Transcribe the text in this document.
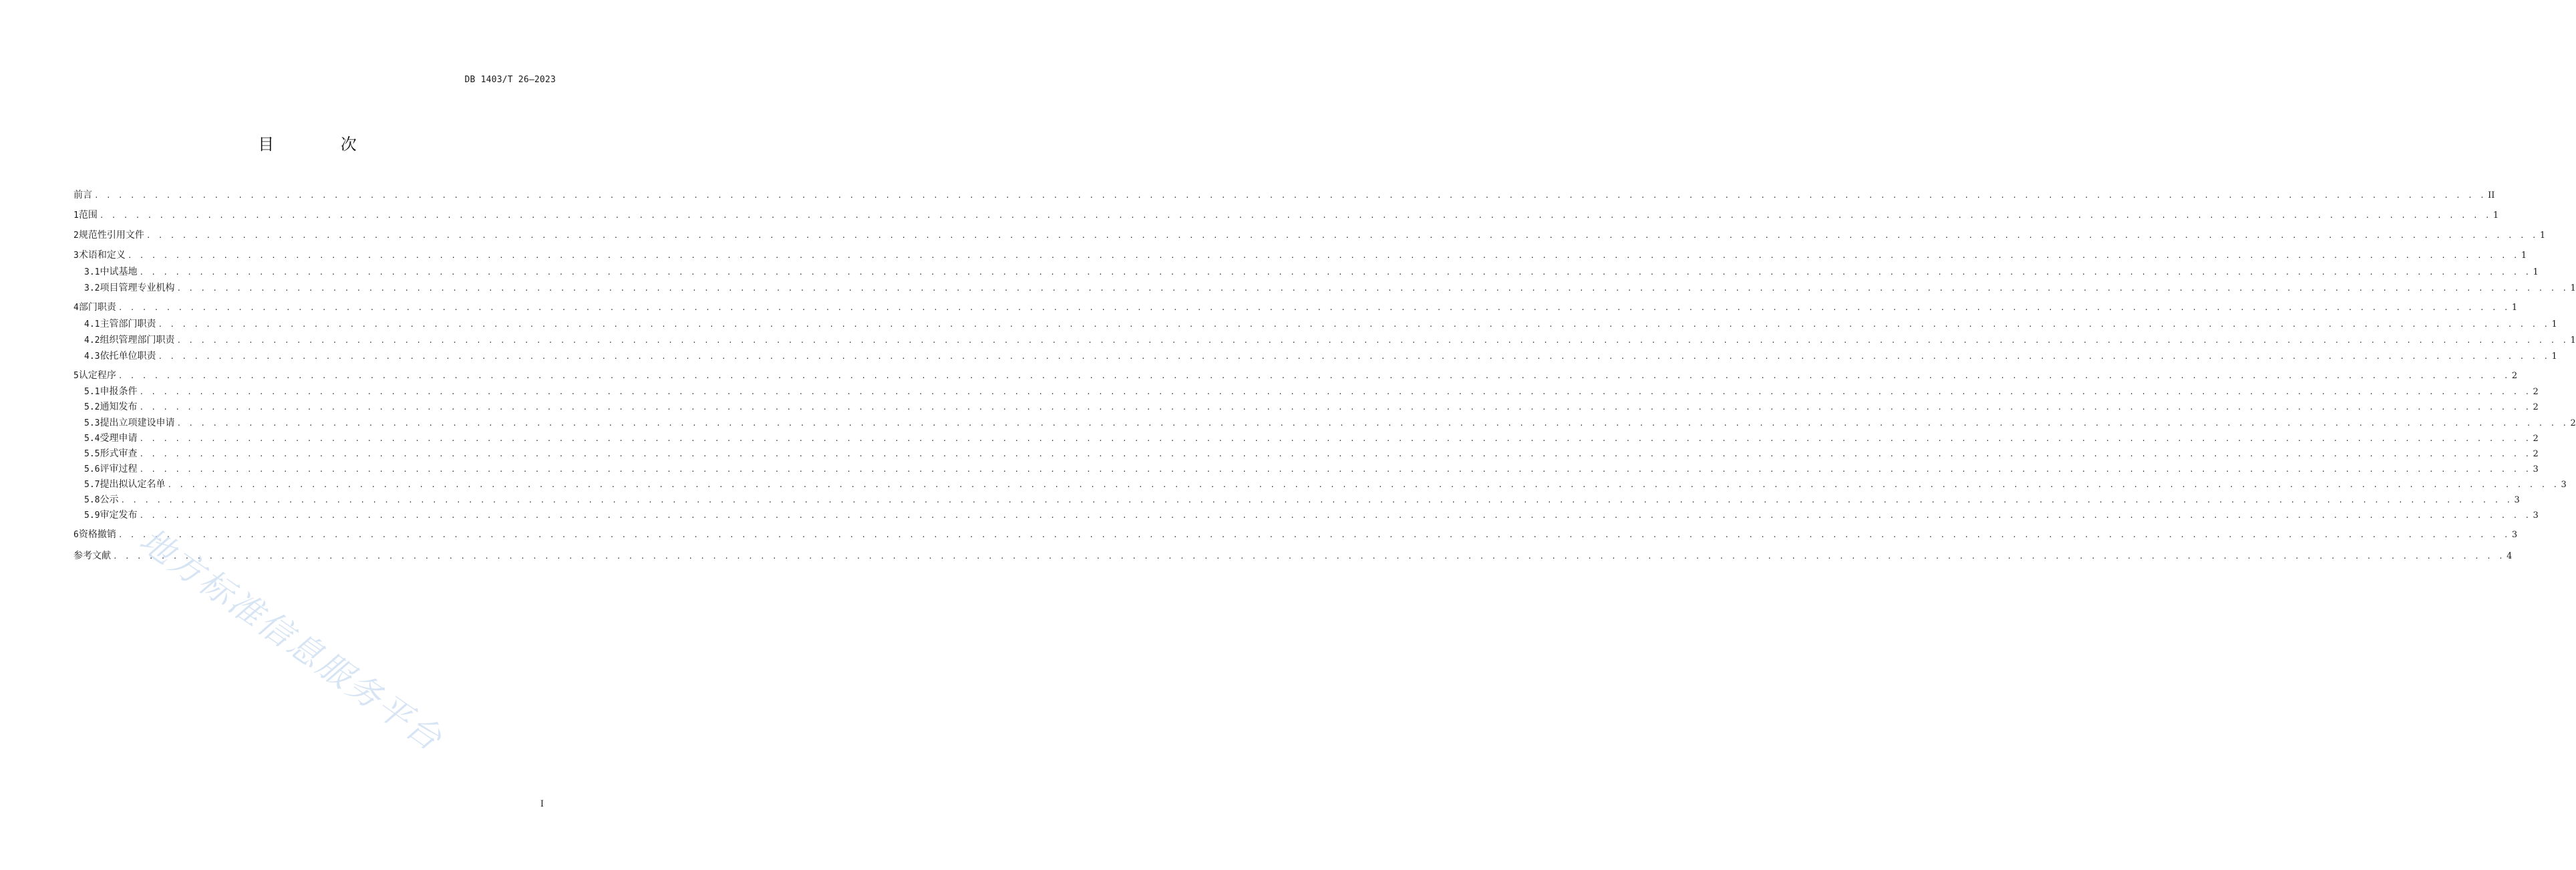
DB 1403/T 26—2023
目 次
前言 . . . . . . . . . . . . . . . . . . . . . . . . . . . . . . . . . . . . . . . . . . . . . . . . . . . . . . . . . . . . . . . . . . . . . . . . . . . . . . . . . . . . . . . . . . . . . . . . . . . . . . . . . . . . . . . . . . . . . . . . . . . . . . . . . . . . . . . . . . . . . . . . . . . . . . . . . . . . . . . . . . . . . . . . . . . . . . . . . . . . . . . . . . . . . . . . . . . . . . . . II
1 范围 . . . . . . . . . . . . . . . . . . . . . . . . . . . . . . . . . . . . . . . . . . . . . . . . . . . . . . . . . . . . . . . . . . . . . . . . . . . . . . . . . . . . . . . . . . . . . . . . . . . . . . . . . . . . . . . . . . . . . . . . . . . . . . . . . . . . . . . . . . . . . . . . . . . . . . . . . . . . . . . . . . . . . . . . . . . . . . . . . . . . . . . . . . . . . . . . . . . . . . . . 1
2 规范性引用文件 . . . . . . . . . . . . . . . . . . . . . . . . . . . . . . . . . . . . . . . . . . . . . . . . . . . . . . . . . . . . . . . . . . . . . . . . . . . . . . . . . . . . . . . . . . . . . . . . . . . . . . . . . . . . . . . . . . . . . . . . . . . . . . . . . . . . . . . . . . . . . . . . . . . . . . . . . . . . . . . . . . . . . . . . . . . . . . . . . . . . . . . . . . . . . . . . . . . . . . . . 1
3 术语和定义 . . . . . . . . . . . . . . . . . . . . . . . . . . . . . . . . . . . . . . . . . . . . . . . . . . . . . . . . . . . . . . . . . . . . . . . . . . . . . . . . . . . . . . . . . . . . . . . . . . . . . . . . . . . . . . . . . . . . . . . . . . . . . . . . . . . . . . . . . . . . . . . . . . . . . . . . . . . . . . . . . . . . . . . . . . . . . . . . . . . . . . . . . . . . . . . . . . . . . . . . 1
3.1 中试基地 . . . . . . . . . . . . . . . . . . . . . . . . . . . . . . . . . . . . . . . . . . . . . . . . . . . . . . . . . . . . . . . . . . . . . . . . . . . . . . . . . . . . . . . . . . . . . . . . . . . . . . . . . . . . . . . . . . . . . . . . . . . . . . . . . . . . . . . . . . . . . . . . . . . . . . . . . . . . . . . . . . . . . . . . . . . . . . . . . . . . . . . . . . . . . . . . . . . . . . . . 1
3.2 项目管理专业机构 . . . . . . . . . . . . . . . . . . . . . . . . . . . . . . . . . . . . . . . . . . . . . . . . . . . . . . . . . . . . . . . . . . . . . . . . . . . . . . . . . . . . . . . . . . . . . . . . . . . . . . . . . . . . . . . . . . . . . . . . . . . . . . . . . . . . . . . . . . . . . . . . . . . . . . . . . . . . . . . . . . . . . . . . . . . . . . . . . . . . . . . . . . . . . . . . . . . . . . . . 1
4 部门职责 . . . . . . . . . . . . . . . . . . . . . . . . . . . . . . . . . . . . . . . . . . . . . . . . . . . . . . . . . . . . . . . . . . . . . . . . . . . . . . . . . . . . . . . . . . . . . . . . . . . . . . . . . . . . . . . . . . . . . . . . . . . . . . . . . . . . . . . . . . . . . . . . . . . . . . . . . . . . . . . . . . . . . . . . . . . . . . . . . . . . . . . . . . . . . . . . . . . . . . . . 1
4.1 主管部门职责 . . . . . . . . . . . . . . . . . . . . . . . . . . . . . . . . . . . . . . . . . . . . . . . . . . . . . . . . . . . . . . . . . . . . . . . . . . . . . . . . . . . . . . . . . . . . . . . . . . . . . . . . . . . . . . . . . . . . . . . . . . . . . . . . . . . . . . . . . . . . . . . . . . . . . . . . . . . . . . . . . . . . . . . . . . . . . . . . . . . . . . . . . . . . . . . . . . . . . . . . 1
4.2 组织管理部门职责 . . . . . . . . . . . . . . . . . . . . . . . . . . . . . . . . . . . . . . . . . . . . . . . . . . . . . . . . . . . . . . . . . . . . . . . . . . . . . . . . . . . . . . . . . . . . . . . . . . . . . . . . . . . . . . . . . . . . . . . . . . . . . . . . . . . . . . . . . . . . . . . . . . . . . . . . . . . . . . . . . . . . . . . . . . . . . . . . . . . . . . . . . . . . . . . . . . . . . . . . 1
4.3 依托单位职责 . . . . . . . . . . . . . . . . . . . . . . . . . . . . . . . . . . . . . . . . . . . . . . . . . . . . . . . . . . . . . . . . . . . . . . . . . . . . . . . . . . . . . . . . . . . . . . . . . . . . . . . . . . . . . . . . . . . . . . . . . . . . . . . . . . . . . . . . . . . . . . . . . . . . . . . . . . . . . . . . . . . . . . . . . . . . . . . . . . . . . . . . . . . . . . . . . . . . . . . . 1
5 认定程序 . . . . . . . . . . . . . . . . . . . . . . . . . . . . . . . . . . . . . . . . . . . . . . . . . . . . . . . . . . . . . . . . . . . . . . . . . . . . . . . . . . . . . . . . . . . . . . . . . . . . . . . . . . . . . . . . . . . . . . . . . . . . . . . . . . . . . . . . . . . . . . . . . . . . . . . . . . . . . . . . . . . . . . . . . . . . . . . . . . . . . . . . . . . . . . . . . . . . . . . . 2
5.1 申报条件 . . . . . . . . . . . . . . . . . . . . . . . . . . . . . . . . . . . . . . . . . . . . . . . . . . . . . . . . . . . . . . . . . . . . . . . . . . . . . . . . . . . . . . . . . . . . . . . . . . . . . . . . . . . . . . . . . . . . . . . . . . . . . . . . . . . . . . . . . . . . . . . . . . . . . . . . . . . . . . . . . . . . . . . . . . . . . . . . . . . . . . . . . . . . . . . . . . . . . . . . 2
5.2 通知发布 . . . . . . . . . . . . . . . . . . . . . . . . . . . . . . . . . . . . . . . . . . . . . . . . . . . . . . . . . . . . . . . . . . . . . . . . . . . . . . . . . . . . . . . . . . . . . . . . . . . . . . . . . . . . . . . . . . . . . . . . . . . . . . . . . . . . . . . . . . . . . . . . . . . . . . . . . . . . . . . . . . . . . . . . . . . . . . . . . . . . . . . . . . . . . . . . . . . . . . . . 2
5.3 提出立项建设申请 . . . . . . . . . . . . . . . . . . . . . . . . . . . . . . . . . . . . . . . . . . . . . . . . . . . . . . . . . . . . . . . . . . . . . . . . . . . . . . . . . . . . . . . . . . . . . . . . . . . . . . . . . . . . . . . . . . . . . . . . . . . . . . . . . . . . . . . . . . . . . . . . . . . . . . . . . . . . . . . . . . . . . . . . . . . . . . . . . . . . . . . . . . . . . . . . . . . . . . . . 2
5.4 受理申请 . . . . . . . . . . . . . . . . . . . . . . . . . . . . . . . . . . . . . . . . . . . . . . . . . . . . . . . . . . . . . . . . . . . . . . . . . . . . . . . . . . . . . . . . . . . . . . . . . . . . . . . . . . . . . . . . . . . . . . . . . . . . . . . . . . . . . . . . . . . . . . . . . . . . . . . . . . . . . . . . . . . . . . . . . . . . . . . . . . . . . . . . . . . . . . . . . . . . . . . . 2
5.5 形式审查 . . . . . . . . . . . . . . . . . . . . . . . . . . . . . . . . . . . . . . . . . . . . . . . . . . . . . . . . . . . . . . . . . . . . . . . . . . . . . . . . . . . . . . . . . . . . . . . . . . . . . . . . . . . . . . . . . . . . . . . . . . . . . . . . . . . . . . . . . . . . . . . . . . . . . . . . . . . . . . . . . . . . . . . . . . . . . . . . . . . . . . . . . . . . . . . . . . . . . . . . 2
5.6 评审过程 . . . . . . . . . . . . . . . . . . . . . . . . . . . . . . . . . . . . . . . . . . . . . . . . . . . . . . . . . . . . . . . . . . . . . . . . . . . . . . . . . . . . . . . . . . . . . . . . . . . . . . . . . . . . . . . . . . . . . . . . . . . . . . . . . . . . . . . . . . . . . . . . . . . . . . . . . . . . . . . . . . . . . . . . . . . . . . . . . . . . . . . . . . . . . . . . . . . . . . . . 3
5.7 提出拟认定名单 . . . . . . . . . . . . . . . . . . . . . . . . . . . . . . . . . . . . . . . . . . . . . . . . . . . . . . . . . . . . . . . . . . . . . . . . . . . . . . . . . . . . . . . . . . . . . . . . . . . . . . . . . . . . . . . . . . . . . . . . . . . . . . . . . . . . . . . . . . . . . . . . . . . . . . . . . . . . . . . . . . . . . . . . . . . . . . . . . . . . . . . . . . . . . . . . . . . . . . . . 3
5.8 公示 . . . . . . . . . . . . . . . . . . . . . . . . . . . . . . . . . . . . . . . . . . . . . . . . . . . . . . . . . . . . . . . . . . . . . . . . . . . . . . . . . . . . . . . . . . . . . . . . . . . . . . . . . . . . . . . . . . . . . . . . . . . . . . . . . . . . . . . . . . . . . . . . . . . . . . . . . . . . . . . . . . . . . . . . . . . . . . . . . . . . . . . . . . . . . . . . . . . . . . . . 3
5.9 审定发布 . . . . . . . . . . . . . . . . . . . . . . . . . . . . . . . . . . . . . . . . . . . . . . . . . . . . . . . . . . . . . . . . . . . . . . . . . . . . . . . . . . . . . . . . . . . . . . . . . . . . . . . . . . . . . . . . . . . . . . . . . . . . . . . . . . . . . . . . . . . . . . . . . . . . . . . . . . . . . . . . . . . . . . . . . . . . . . . . . . . . . . . . . . . . . . . . . . . . . . . . 3
6 资格撤销 . . . . . . . . . . . . . . . . . . . . . . . . . . . . . . . . . . . . . . . . . . . . . . . . . . . . . . . . . . . . . . . . . . . . . . . . . . . . . . . . . . . . . . . . . . . . . . . . . . . . . . . . . . . . . . . . . . . . . . . . . . . . . . . . . . . . . . . . . . . . . . . . . . . . . . . . . . . . . . . . . . . . . . . . . . . . . . . . . . . . . . . . . . . . . . . . . . . . . . . . 3
参考文献 . . . . . . . . . . . . . . . . . . . . . . . . . . . . . . . . . . . . . . . . . . . . . . . . . . . . . . . . . . . . . . . . . . . . . . . . . . . . . . . . . . . . . . . . . . . . . . . . . . . . . . . . . . . . . . . . . . . . . . . . . . . . . . . . . . . . . . . . . . . . . . . . . . . . . . . . . . . . . . . . . . . . . . . . . . . . . . . . . . . . . . . . . . . . . . . . . . . . . . . . 4
地方标准信息服务平台
I
